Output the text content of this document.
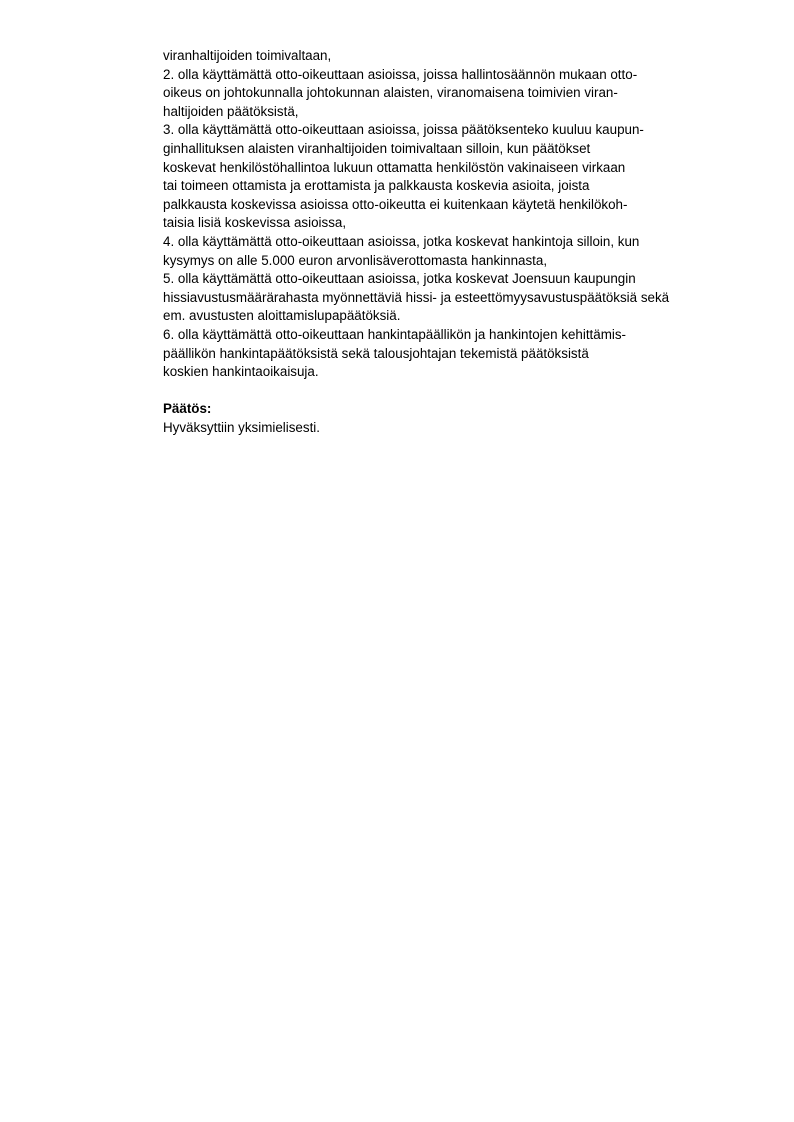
viranhaltijoiden toimivaltaan,
2. olla käyttämättä otto-oikeuttaan asioissa, joissa hallintosäännön mukaan otto-
oikeus on johtokunnalla johtokunnan alaisten, viranomaisena toimivien viran-
haltijoiden päätöksistä,
3. olla käyttämättä otto-oikeuttaan asioissa, joissa päätöksenteko kuuluu kaupun-
ginhallituksen alaisten viranhaltijoiden toimivaltaan silloin, kun päätökset
koskevat henkilöstöhallintoa lukuun ottamatta henkilöstön vakinaiseen virkaan
tai toimeen ottamista ja erottamista ja palkkausta koskevia asioita, joista
palkkausta koskevissa asioissa otto-oikeutta ei kuitenkaan käytetä henkilökoh-
taisia lisiä koskevissa asioissa,
4. olla käyttämättä otto-oikeuttaan asioissa, jotka koskevat hankintoja silloin, kun
kysymys on alle 5.000 euron arvonlisäverottomasta hankinnasta,
5. olla käyttämättä otto-oikeuttaan asioissa, jotka koskevat Joensuun kaupungin
hissiavustusmäärärahasta myönnettäviä hissi- ja esteettömyysavustuspäätöksiä sekä
em. avustusten aloittamislupapäätöksiä.
6. olla käyttämättä otto-oikeuttaan hankintapäällikön ja hankintojen kehittämis-
päällikön hankintapäätöksistä sekä talousjohtajan tekemistä päätöksistä
koskien hankintaoikaisuja.
Päätös:
Hyväksyttiin yksimielisesti.
